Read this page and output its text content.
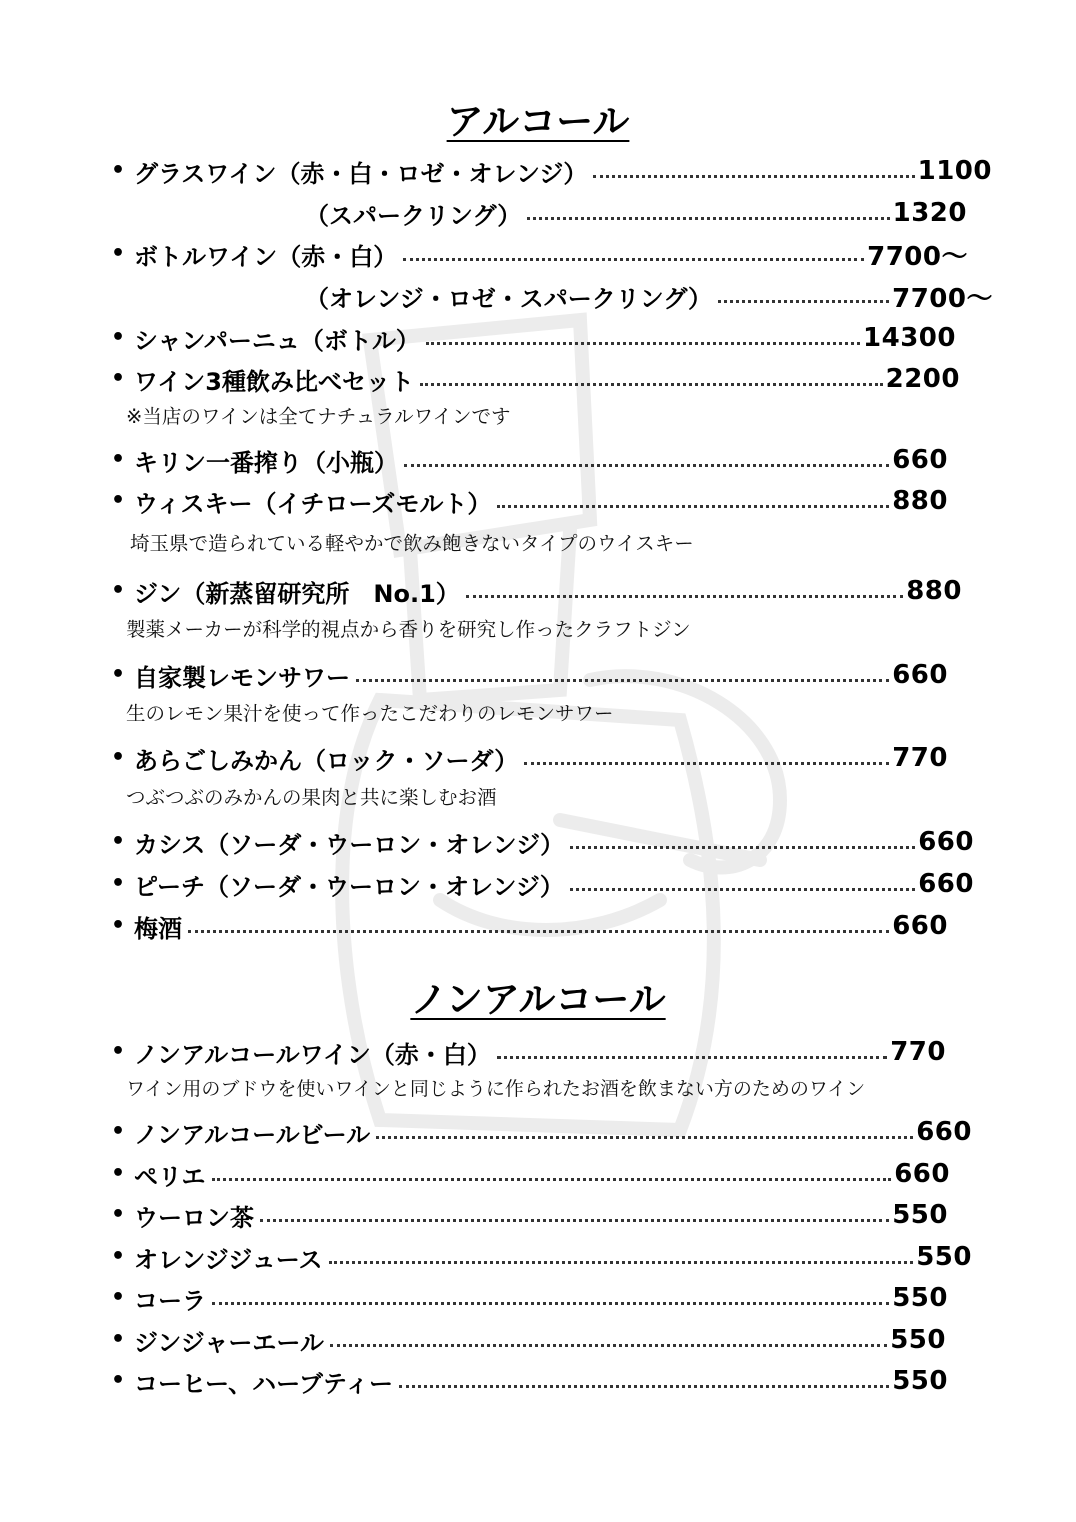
アルコール
• グラスワイン（赤・白・ロゼ・オレンジ）	1100
（スパークリング）	1320
• ボトルワイン（赤・白）	7700～
（オレンジ・ロゼ・スパークリング）	7700～
• シャンパーニュ（ボトル）	14300
• ワイン3種飲み比べセット	2200
※当店のワインは全てナチュラルワインです
• キリン一番搾り（小瓶）	660
• ウィスキー（イチローズモルト）	880
埼玉県で造られている軽やかで飲み飽きないタイプのウイスキー
• ジン（新蒸留研究所　No.1）	880
製薬メーカーが科学的視点から香りを研究し作ったクラフトジン
• 自家製レモンサワー	660
生のレモン果汁を使って作ったこだわりのレモンサワー
• あらごしみかん（ロック・ソーダ）	770
つぶつぶのみかんの果肉と共に楽しむお酒
• カシス（ソーダ・ウーロン・オレンジ）	660
• ピーチ（ソーダ・ウーロン・オレンジ）	660
• 梅酒	660
ノンアルコール
• ノンアルコールワイン（赤・白）	770
ワイン用のブドウを使いワインと同じように作られたお酒を飲まない方のためのワイン
• ノンアルコールビール	660
• ペリエ	660
• ウーロン茶	550
• オレンジジュース	550
• コーラ	550
• ジンジャーエール	550
• コーヒー、ハーブティー	550
